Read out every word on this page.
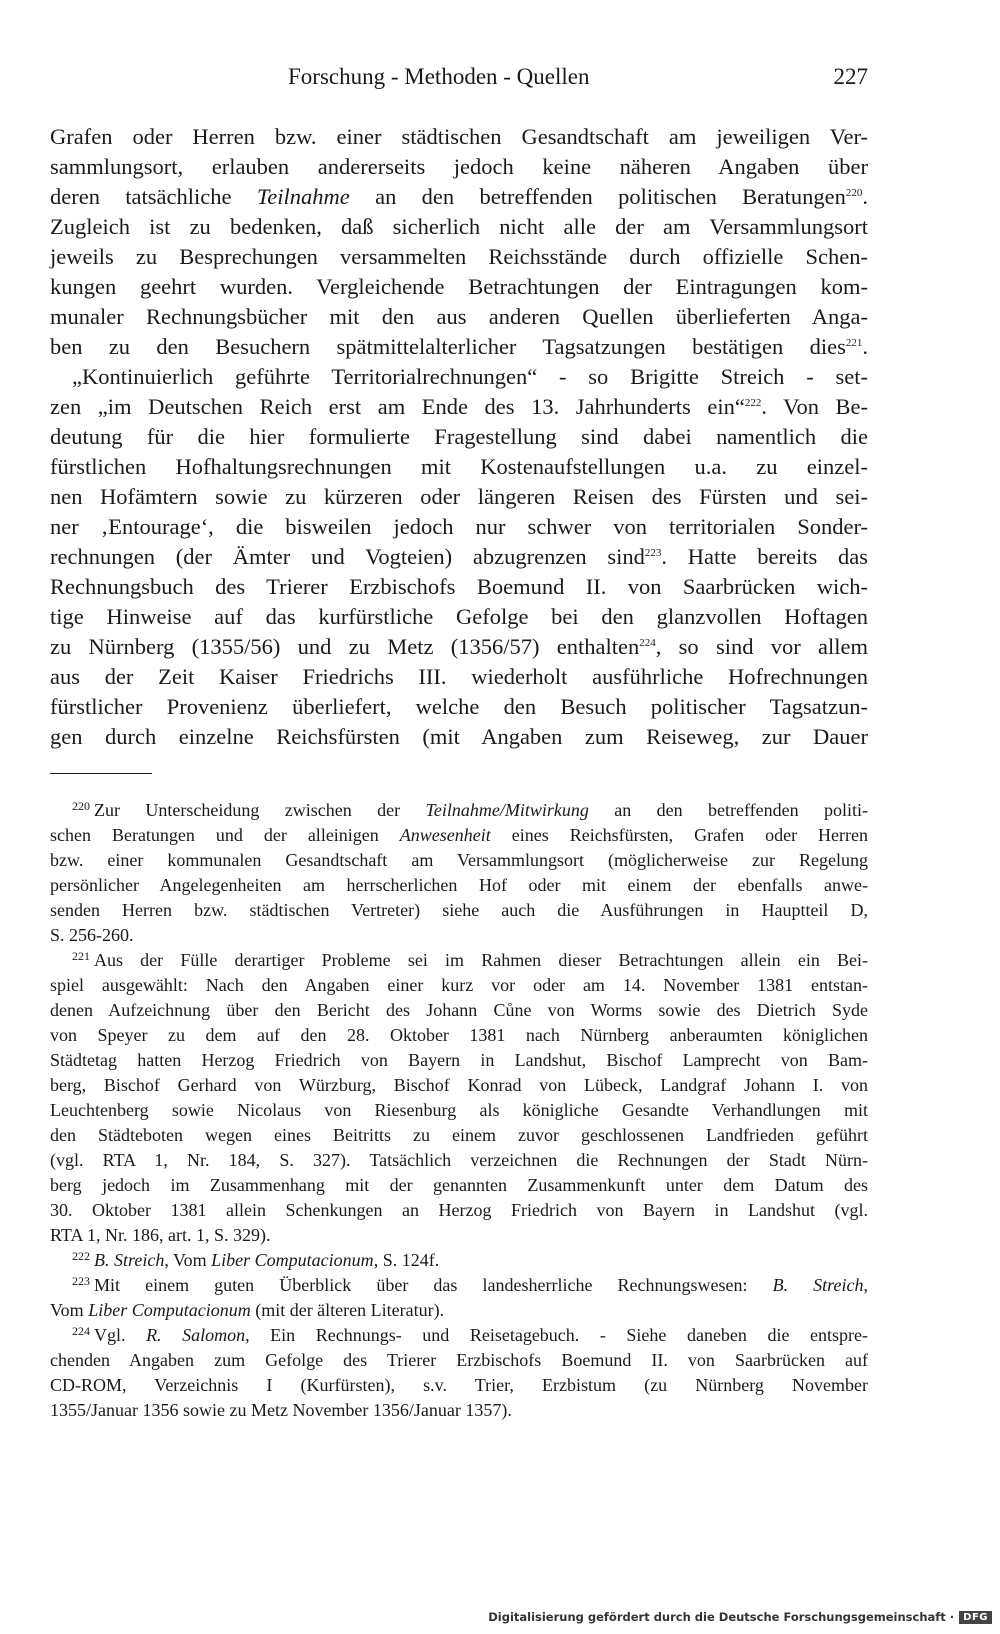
Forschung - Methoden - Quellen	227
Grafen oder Herren bzw. einer städtischen Gesandtschaft am jeweiligen Ver-
sammlungsort, erlauben andererseits jedoch keine näheren Angaben über
deren tatsächliche Teilnahme an den betreffenden politischen Beratungen$^{220}$.
Zugleich ist zu bedenken, daß sicherlich nicht alle der am Versammlungsort
jeweils zu Besprechungen versammelten Reichsstände durch offizielle Schen-
kungen geehrt wurden. Vergleichende Betrachtungen der Eintragungen kom-
munaler Rechnungsbücher mit den aus anderen Quellen überlieferten Anga-
ben zu den Besuchern spätmittelalterlicher Tagsatzungen bestätigen dies$^{221}$.
„Kontinuierlich geführte Territorialrechnungen“ - so Brigitte Streich - set-
zen „im Deutschen Reich erst am Ende des 13. Jahrhunderts ein“$^{222}$. Von Be-
deutung für die hier formulierte Fragestellung sind dabei namentlich die
fürstlichen Hofhaltungsrechnungen mit Kostenaufstellungen u.a. zu einzel-
nen Hofämtern sowie zu kürzeren oder längeren Reisen des Fürsten und sei-
ner ‚Entourage‘, die bisweilen jedoch nur schwer von territorialen Sonder-
rechnungen (der Ämter und Vogteien) abzugrenzen sind$^{223}$. Hatte bereits das
Rechnungsbuch des Trierer Erzbischofs Boemund II. von Saarbrücken wich-
tige Hinweise auf das kurfürstliche Gefolge bei den glanzvollen Hoftagen
zu Nürnberg (1355/56) und zu Metz (1356/57) enthalten$^{224}$, so sind vor allem
aus der Zeit Kaiser Friedrichs III. wiederholt ausführliche Hofrechnungen
fürstlicher Provenienz überliefert, welche den Besuch politischer Tagsatzun-
gen durch einzelne Reichsfürsten (mit Angaben zum Reiseweg, zur Dauer
$^{220}$ Zur Unterscheidung zwischen der Teilnahme/Mitwirkung an den betreffenden politi-
schen Beratungen und der alleinigen Anwesenheit eines Reichsfürsten, Grafen oder Herren
bzw. einer kommunalen Gesandtschaft am Versammlungsort (möglicherweise zur Regelung
persönlicher Angelegenheiten am herrscherlichen Hof oder mit einem der ebenfalls anwe-
senden Herren bzw. städtischen Vertreter) siehe auch die Ausführungen in Hauptteil D,
S. 256-260.
$^{221}$ Aus der Fülle derartiger Probleme sei im Rahmen dieser Betrachtungen allein ein Bei-
spiel ausgewählt: Nach den Angaben einer kurz vor oder am 14. November 1381 entstan-
denen Aufzeichnung über den Bericht des Johann Cůne von Worms sowie des Dietrich Syde
von Speyer zu dem auf den 28. Oktober 1381 nach Nürnberg anberaumten königlichen
Städtetag hatten Herzog Friedrich von Bayern in Landshut, Bischof Lamprecht von Bam-
berg, Bischof Gerhard von Würzburg, Bischof Konrad von Lübeck, Landgraf Johann I. von
Leuchtenberg sowie Nicolaus von Riesenburg als königliche Gesandte Verhandlungen mit
den Städteboten wegen eines Beitritts zu einem zuvor geschlossenen Landfrieden geführt
(vgl. RTA 1, Nr. 184, S. 327). Tatsächlich verzeichnen die Rechnungen der Stadt Nürn-
berg jedoch im Zusammenhang mit der genannten Zusammenkunft unter dem Datum des
30. Oktober 1381 allein Schenkungen an Herzog Friedrich von Bayern in Landshut (vgl.
RTA 1, Nr. 186, art. 1, S. 329).
$^{222}$ B. Streich, Vom Liber Computacionum, S. 124f.
$^{223}$ Mit einem guten Überblick über das landesherrliche Rechnungswesen: B. Streich,
Vom Liber Computacionum (mit der älteren Literatur).
$^{224}$ Vgl. R. Salomon, Ein Rechnungs- und Reisetagebuch. - Siehe daneben die entspre-
chenden Angaben zum Gefolge des Trierer Erzbischofs Boemund II. von Saarbrücken auf
CD-ROM, Verzeichnis I (Kurfürsten), s.v. Trier, Erzbistum (zu Nürnberg November
1355/Januar 1356 sowie zu Metz November 1356/Januar 1357).
Digitalisierung gefördert durch die Deutsche Forschungsgemeinschaft · DFG
